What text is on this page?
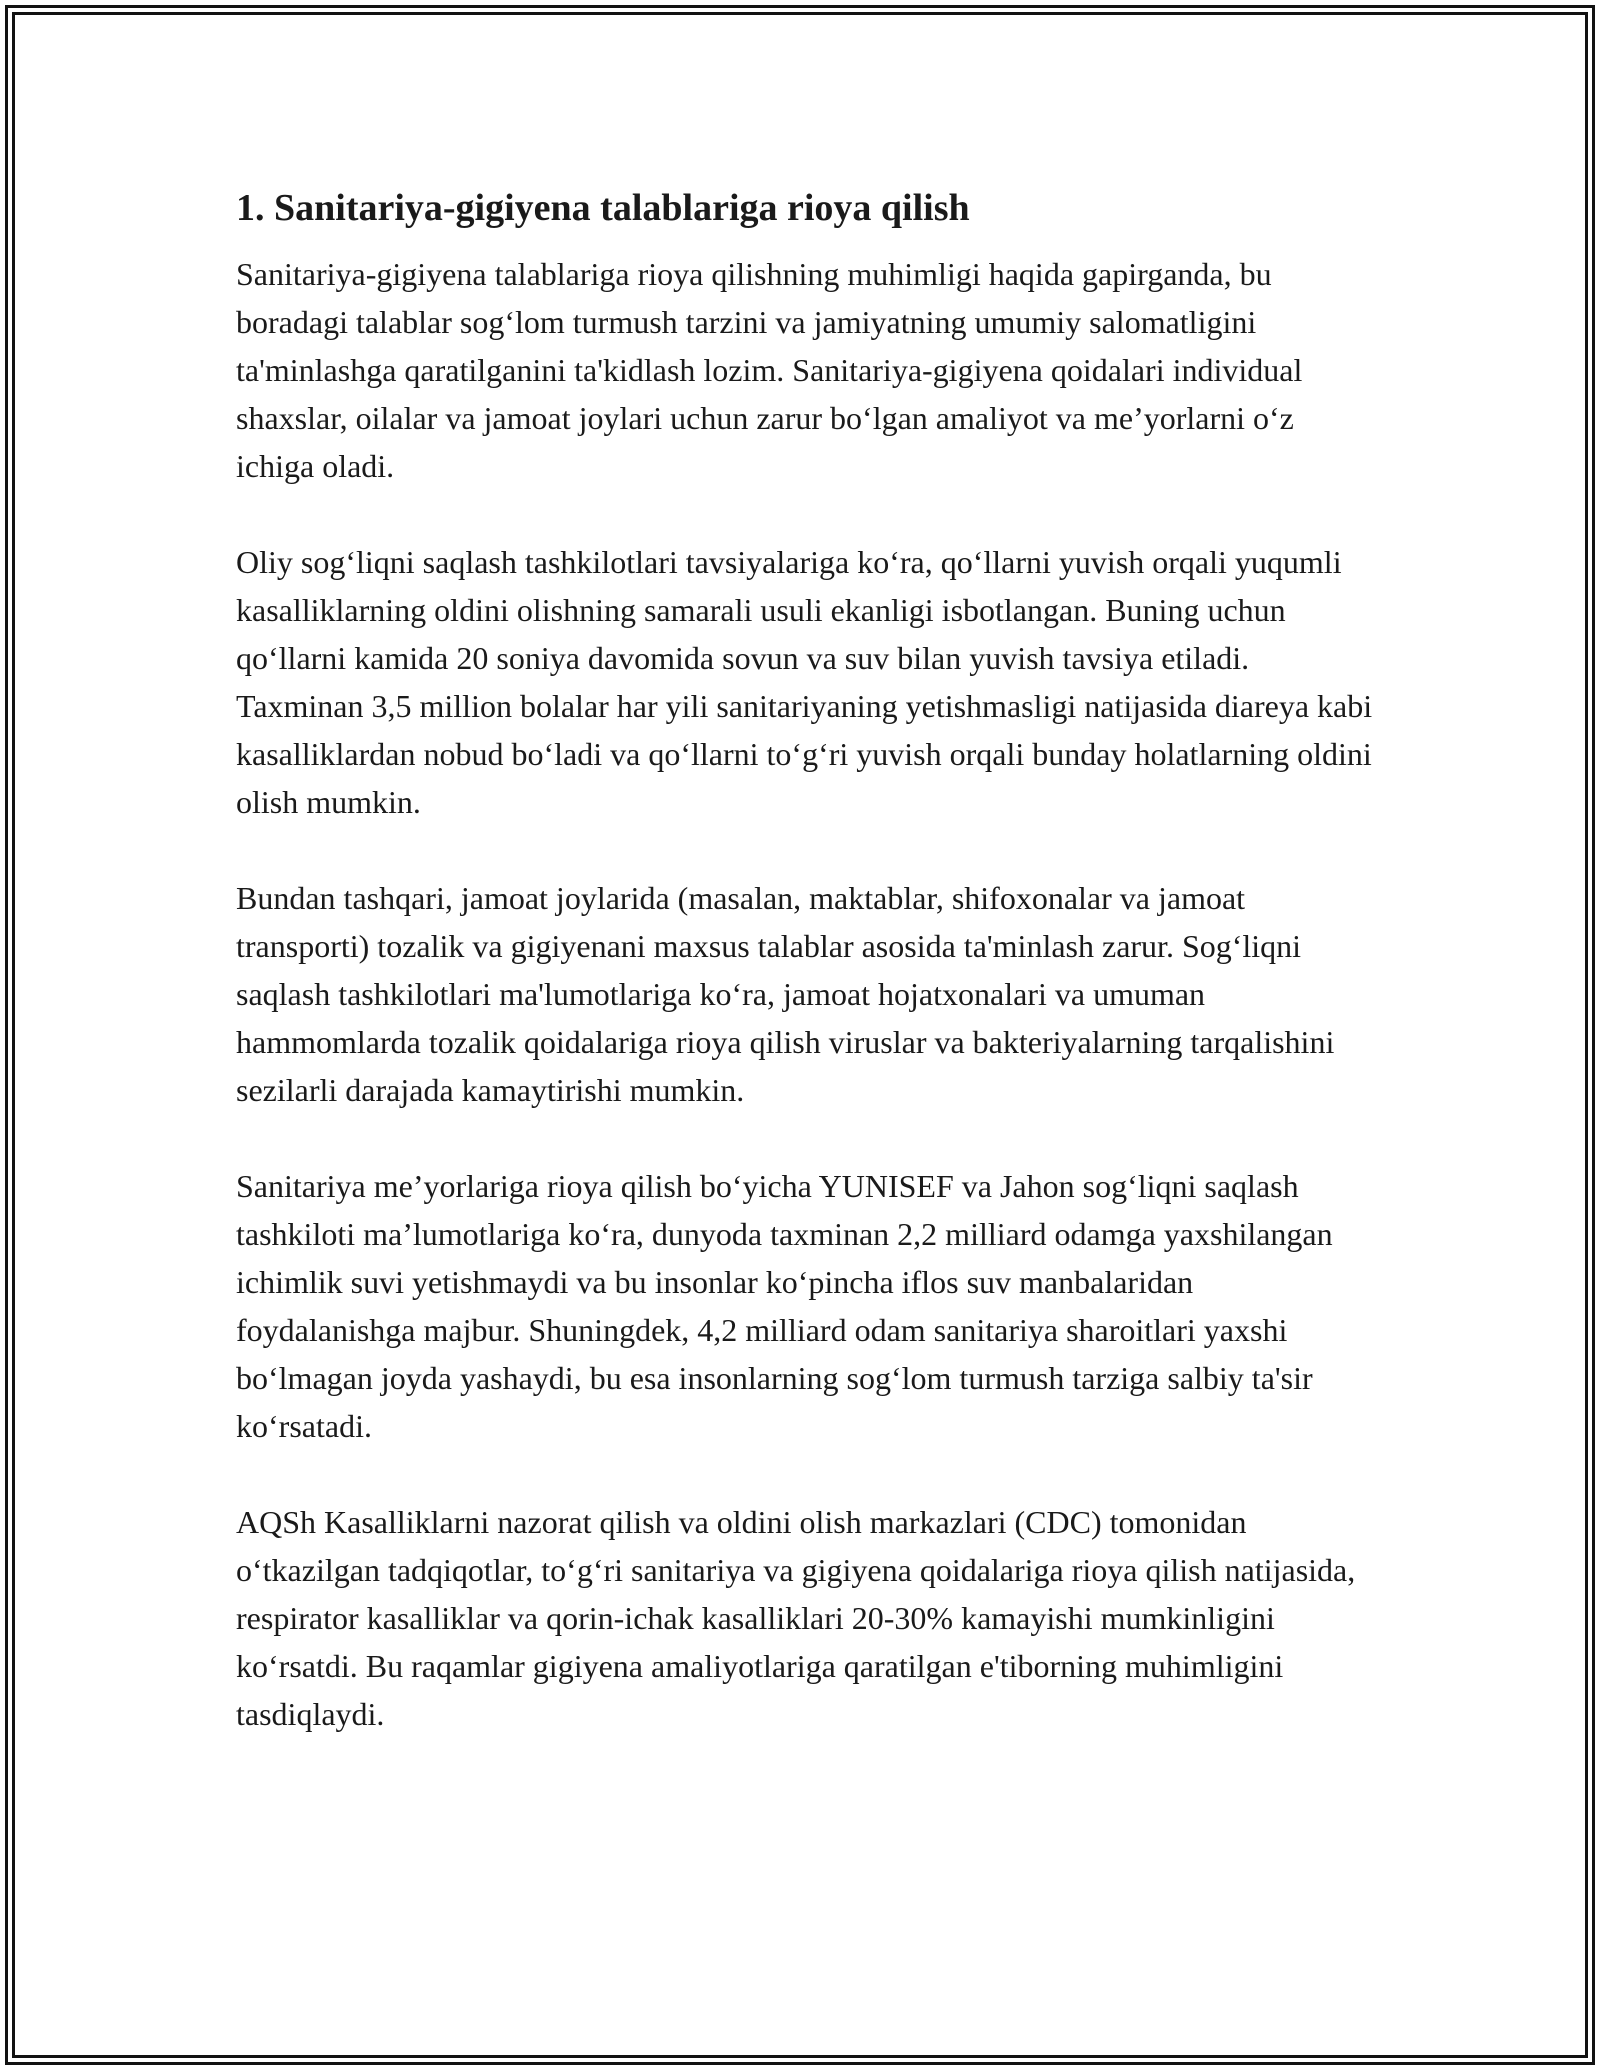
1. Sanitariya-gigiyena talablariga rioya qilish

Sanitariya-gigiyena talablariga rioya qilishning muhimligi haqida gapirganda, bu boradagi talablar sog‘lom turmush tarzini va jamiyatning umumiy salomatligini ta'minlashga qaratilganini ta'kidlash lozim. Sanitariya-gigiyena qoidalari individual shaxslar, oilalar va jamoat joylari uchun zarur bo‘lgan amaliyot va me’yorlarni o‘z ichiga oladi.

Oliy sog‘liqni saqlash tashkilotlari tavsiyalariga ko‘ra, qo‘llarni yuvish orqali yuqumli kasalliklarning oldini olishning samarali usuli ekanligi isbotlangan. Buning uchun qo‘llarni kamida 20 soniya davomida sovun va suv bilan yuvish tavsiya etiladi. Taxminan 3,5 million bolalar har yili sanitariyaning yetishmasligi natijasida diareya kabi kasalliklardan nobud bo‘ladi va qo‘llarni to‘g‘ri yuvish orqali bunday holatlarning oldini olish mumkin.

Bundan tashqari, jamoat joylarida (masalan, maktablar, shifoxonalar va jamoat transporti) tozalik va gigiyenani maxsus talablar asosida ta'minlash zarur. Sog‘liqni saqlash tashkilotlari ma'lumotlariga ko‘ra, jamoat hojatxonalari va umuman hammomlarda tozalik qoidalariga rioya qilish viruslar va bakteriyalarning tarqalishini sezilarli darajada kamaytirishi mumkin.

Sanitariya me’yorlariga rioya qilish bo‘yicha YUNISEF va Jahon sog‘liqni saqlash tashkiloti ma’lumotlariga ko‘ra, dunyoda taxminan 2,2 milliard odamga yaxshilangan ichimlik suvi yetishmaydi va bu insonlar ko‘pincha iflos suv manbalaridan foydalanishga majbur. Shuningdek, 4,2 milliard odam sanitariya sharoitlari yaxshi bo‘lmagan joyda yashaydi, bu esa insonlarning sog‘lom turmush tarziga salbiy ta'sir ko‘rsatadi.

AQSh Kasalliklarni nazorat qilish va oldini olish markazlari (CDC) tomonidan o‘tkazilgan tadqiqotlar, to‘g‘ri sanitariya va gigiyena qoidalariga rioya qilish natijasida, respirator kasalliklar va qorin-ichak kasalliklari 20-30% kamayishi mumkinligini ko‘rsatdi. Bu raqamlar gigiyena amaliyotlariga qaratilgan e'tiborning muhimligini tasdiqlaydi.
